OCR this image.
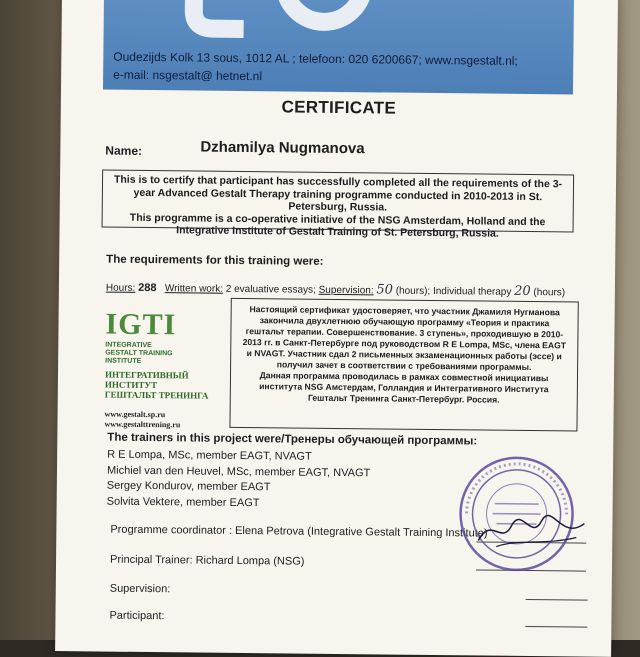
Oudezijds Kolk 13 sous, 1012 AL ; telefoon: 020 6200667; www.nsgestalt.nl;
e-mail: nsgestalt@ hetnet.nl
CERTIFICATE
Name:	Dzhamilya Nugmanova

This is to certify that participant has successfully completed all the requirements of the 3-year Advanced Gestalt Therapy training programme conducted in 2010-2013 in St. Petersburg, Russia.

This programme is a co-operative initiative of the NSG Amsterdam, Holland and the Integrative Institute of Gestalt Training of St. Petersburg, Russia.

The requirements for this training were:
Hours: 288 Written work: 2 evaluative essays; Supervision: 50 (hours); Individual therapy 20 (hours)
IGTI
INTEGRATIVE
GESTALT TRAINING
INSTITUTE
ИНТЕГРАТИВНЫЙ ИНСТИТУТ
ГЕШТАЛЬТ ТРЕНИНГА
www.gestalt.sp.ru
www.gestalttrening.ru

Настоящий сертификат удостоверяет, что участник Джамиля Нугманова закончила двухлетнюю обучающую программу «Теория и практика гештальт терапии. Совершенствование. 3 ступень», проходившую в 2010-2013 гг. в Санкт-Петербурге под руководством R E Lompa, MSc, члена EAGT и NVAGT. Участник сдал 2 письменных экзаменационных работы (эссе) и получил зачет в соответствии с требованиями программы.

Данная программа проводилась в рамках совместной инициативы института NSG Амстердам, Голландия и Интегративного Института Гештальт Тренинга Санкт-Петербург. Россия.

The trainers in this project were/Тренеры обучающей программы:
R E Lompa, MSc, member EAGT, NVAGT
Michiel van den Heuvel, MSc, member EAGT, NVAGT
Sergey Kondurov, member EAGT
Solvita Vektere, member EAGT
Programme coordinator : Elena Petrova (Integrative Gestalt Training Institute)
Principal Trainer: Richard Lompa (NSG)
Supervision:
Participant:
